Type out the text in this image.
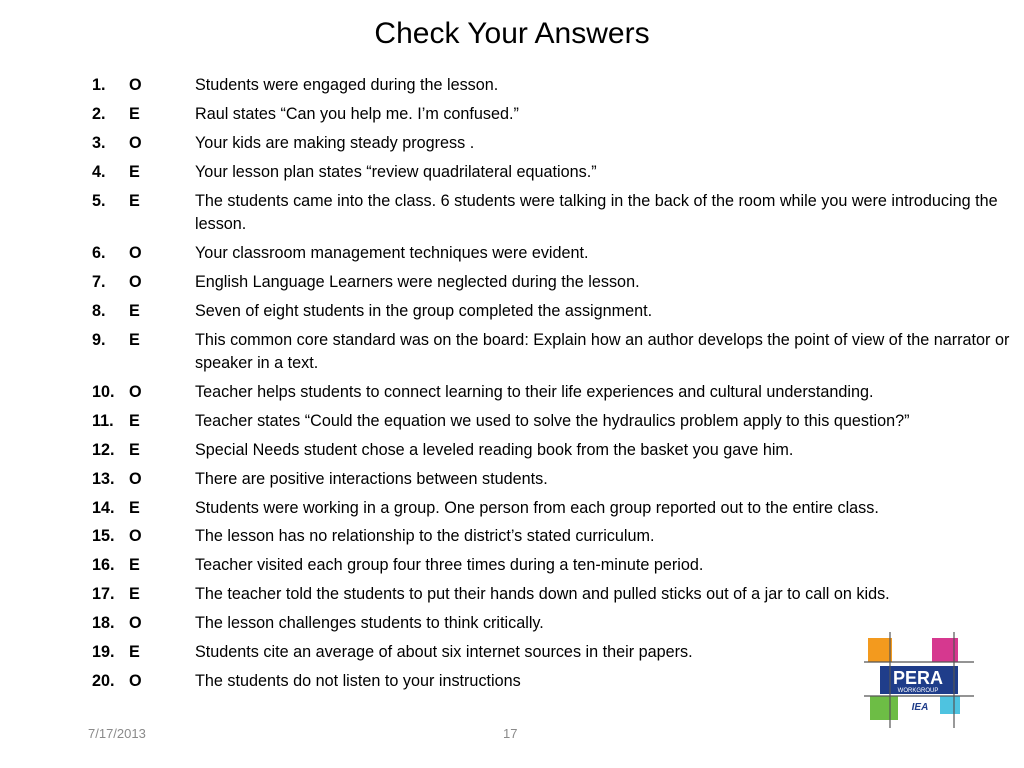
Check Your Answers
1.	O	Students were engaged during the lesson.
2.	E	Raul states “Can you help me. I’m confused.”
3.	O	Your kids are making steady progress .
4.	E	Your lesson plan states “review quadrilateral equations.”
5.	E	The students came into the class. 6 students were talking in the back of the room while you were introducing the lesson.
6.	O	Your classroom management techniques were evident.
7.	O	English Language Learners were neglected during the lesson.
8.	E	Seven of eight students in the group completed the assignment.
9.	E	This common core standard was on the board: Explain how an author develops the point of view of the narrator or speaker in a text.
10. O	Teacher helps students to connect learning to their life experiences and cultural understanding.
11. E	Teacher states “Could the equation we used to solve the hydraulics problem apply to this question?”
12. E	Special Needs student chose a leveled reading book from the basket you gave him.
13. O	There are positive interactions between students.
14. E	Students were working in a group. One person from each group reported out to the entire class.
15. O	The lesson has no relationship to the district’s stated curriculum.
16. E	Teacher visited each group four three times during a ten-minute period.
17. E	The teacher told the students to put their hands down and pulled sticks out of a jar to call on kids.
18. O	The lesson challenges students to think critically.
19. E	Students cite an average of about six internet sources in their papers.
20. O	The students do not listen to your instructions
7/17/2013	17
PERA
WORKGROUP
IEA
